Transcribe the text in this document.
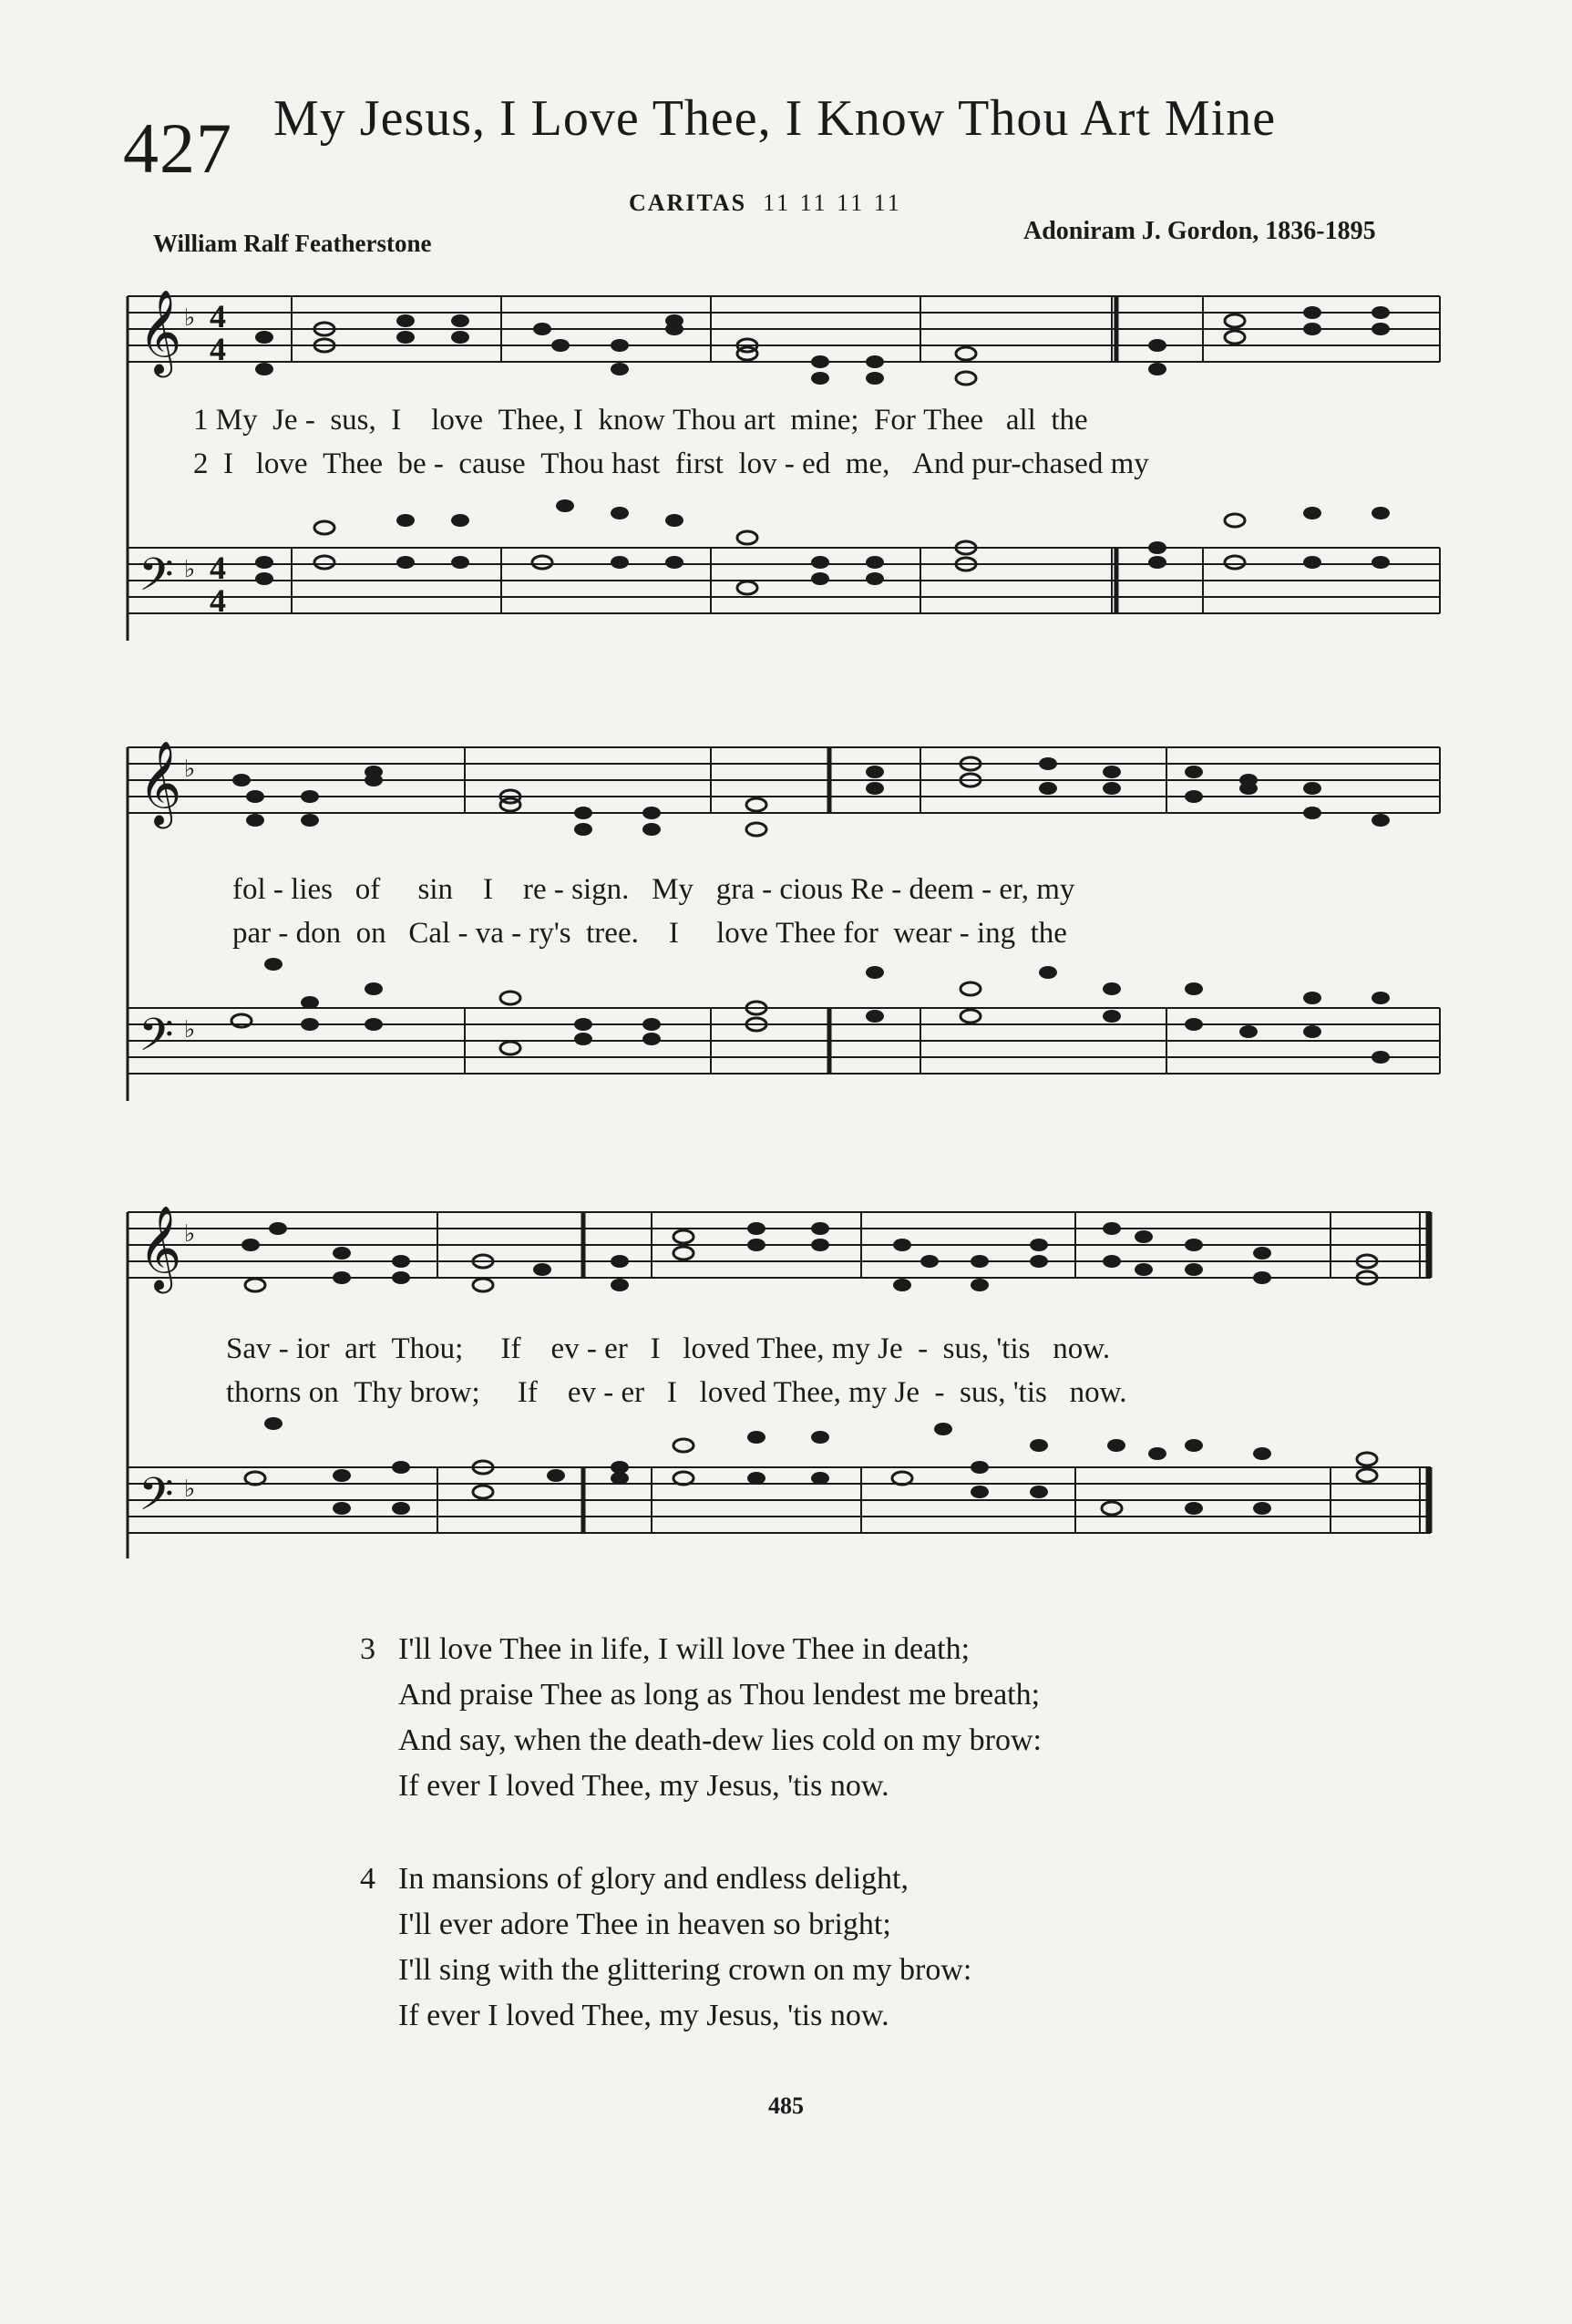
427 My Jesus, I Love Thee, I Know Thou Art Mine
CARITAS 11 11 11 11
William Ralf Featherstone	Adoniram J. Gordon, 1836-1895
𝄞
𝄢
♭
♭
4
4
4
4
1 My Je - sus, I love Thee, I know Thou art mine; For Thee all the
2 I love Thee be - cause Thou hast first lov - ed me, And pur-chased my
𝄞
𝄢
♭
♭
fol - lies of sin I re - sign. My gra - cious Re - deem - er, my
par - don on Cal - va - ry's tree. I love Thee for wear - ing the
𝄞
𝄢
♭
♭
Sav - ior art Thou; If ev - er I loved Thee, my Je - sus, 'tis now.
thorns on Thy brow; If ev - er I loved Thee, my Je - sus, 'tis now.
3 I'll love Thee in life, I will love Thee in death;
And praise Thee as long as Thou lendest me breath;
And say, when the death-dew lies cold on my brow:
If ever I loved Thee, my Jesus, 'tis now.
4 In mansions of glory and endless delight,
I'll ever adore Thee in heaven so bright;
I'll sing with the glittering crown on my brow:
If ever I loved Thee, my Jesus, 'tis now.
485
